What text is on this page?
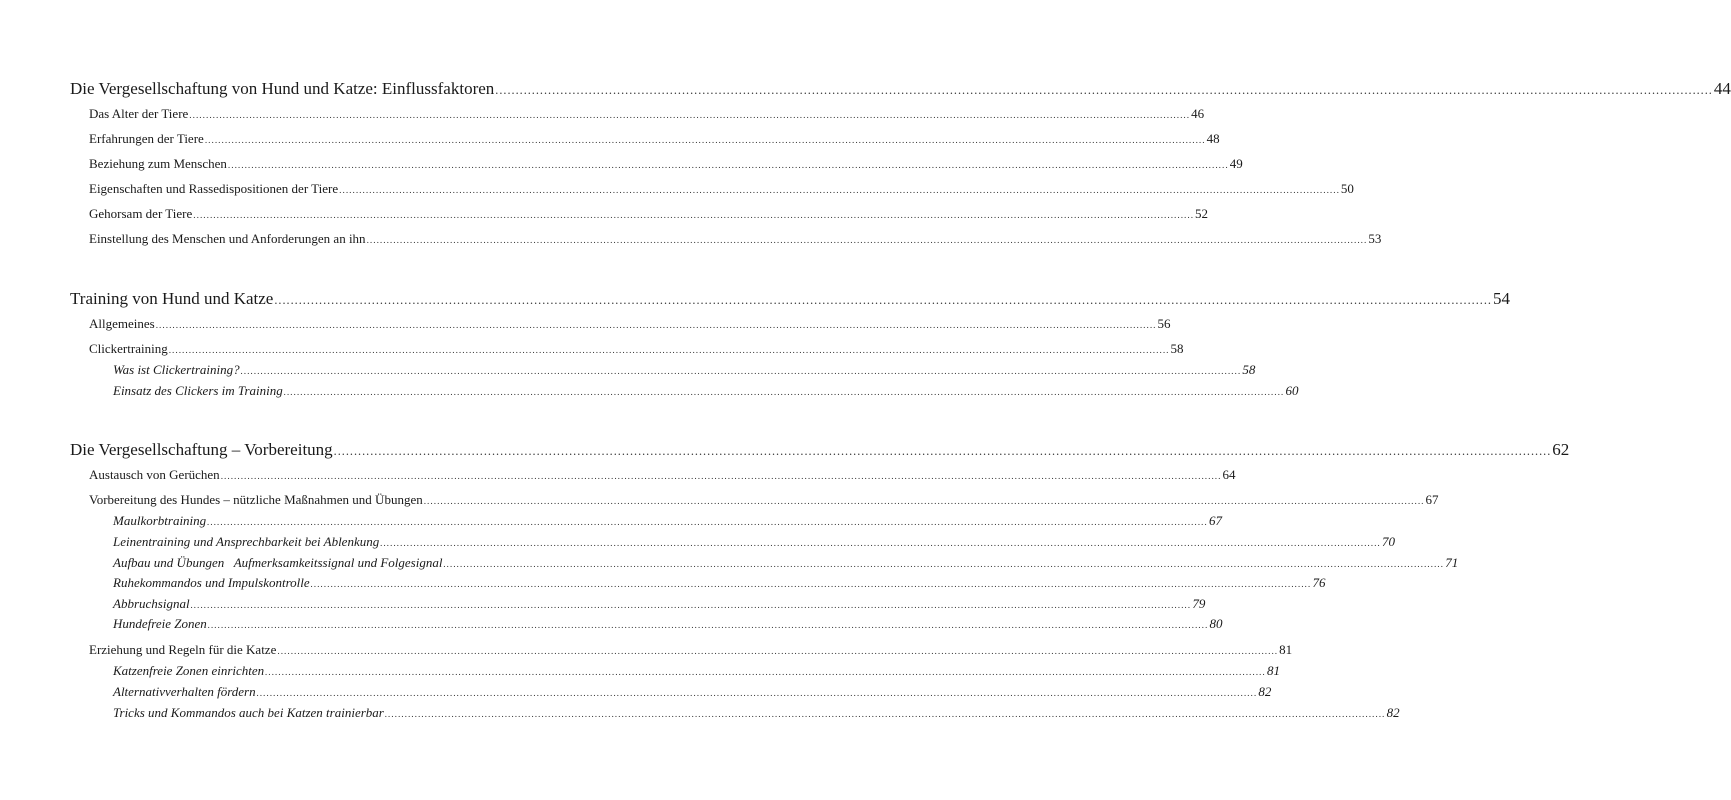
Die Vergesellschaftung von Hund und Katze: Einflussfaktoren ............................................................................................................................................................................................................................................................................................................ 44
Das Alter der Tiere ............................................................................................................................................................................................................................................................................................................ 46
Erfahrungen der Tiere ............................................................................................................................................................................................................................................................................................................ 48
Beziehung zum Menschen ............................................................................................................................................................................................................................................................................................................ 49
Eigenschaften und Rassedispositionen der Tiere ............................................................................................................................................................................................................................................................................................................ 50
Gehorsam der Tiere ............................................................................................................................................................................................................................................................................................................ 52
Einstellung des Menschen und Anforderungen an ihn ............................................................................................................................................................................................................................................................................................................ 53
Training von Hund und Katze ............................................................................................................................................................................................................................................................................................................ 54
Allgemeines ............................................................................................................................................................................................................................................................................................................ 56
Clickertraining ............................................................................................................................................................................................................................................................................................................ 58
Was ist Clickertraining? ............................................................................................................................................................................................................................................................................................................ 58
Einsatz des Clickers im Training ............................................................................................................................................................................................................................................................................................................ 60
Die Vergesellschaftung – Vorbereitung ............................................................................................................................................................................................................................................................................................................ 62
Austausch von Gerüchen ............................................................................................................................................................................................................................................................................................................ 64
Vorbereitung des Hundes – nützliche Maßnahmen und Übungen ............................................................................................................................................................................................................................................................................................................ 67
Maulkorbtraining ............................................................................................................................................................................................................................................................................................................ 67
Leinentraining und Ansprechbarkeit bei Ablenkung ............................................................................................................................................................................................................................................................................................................ 70
Aufbau und Übungen   Aufmerksamkeitssignal und Folgesignal ............................................................................................................................................................................................................................................................................................................ 71
Ruhekommandos und Impulskontrolle ............................................................................................................................................................................................................................................................................................................ 76
Abbruchsignal ............................................................................................................................................................................................................................................................................................................ 79
Hundefreie Zonen ............................................................................................................................................................................................................................................................................................................ 80
Erziehung und Regeln für die Katze ............................................................................................................................................................................................................................................................................................................ 81
Katzenfreie Zonen einrichten ............................................................................................................................................................................................................................................................................................................ 81
Alternativverhalten fördern ............................................................................................................................................................................................................................................................................................................ 82
Tricks und Kommandos auch bei Katzen trainierbar ............................................................................................................................................................................................................................................................................................................ 82
